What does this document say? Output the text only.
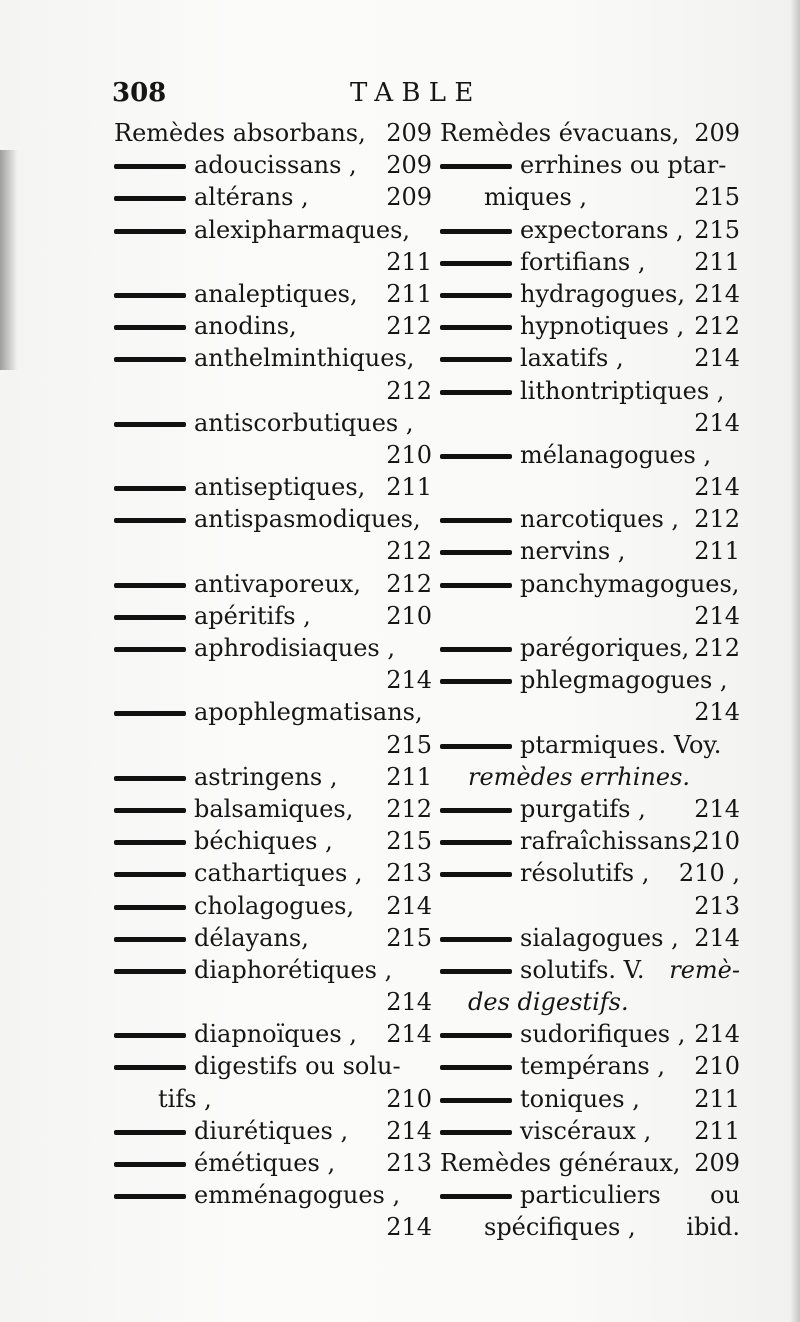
308	TABLE
Remèdes absorbans, 209
adoucissans , 209
altérans ,	209
alexipharmaques,
211
analeptiques, 211
anodins,	212
anthelminthiques,
212
antiscorbutiques ,
210
antiseptiques, 211
antispasmodiques,
212
antivaporeux, 212
apéritifs ,	210
aphrodisiaques ,
214
apophlegmatisans,
215
astringens , 211
balsamiques, 212
béchiques , 215
cathartiques , 213
cholagogues, 214
délayans,	215
diaphorétiques ,
214
diapnoïques , 214
digestifs ou solu-
tifs ,	210
diurétiques , 214
émétiques , 213
emménagogues ,
214
Remèdes évacuans, 209
errhines ou ptar-
miques ,	215
expectorans , 215
fortifians , 211
hydragogues, 214
hypnotiques , 212
laxatifs ,	214
lithontriptiques ,
214
mélanagogues ,
214
narcotiques , 212
nervins ,	211
panchymagogues,
214
parégoriques, 212
phlegmagogues ,
214
ptarmiques. Voy.
remèdes errhines.
purgatifs , 214
rafraîchissans,
210
résolutifs , 210 ,
213
sialagogues , 214
solutifs. V. remè-
des digestifs.
sudorifiques , 214
tempérans , 210
toniques , 211
viscéraux , 211
Remèdes généraux, 209
particuliers ou
spécifiques , ibid.
